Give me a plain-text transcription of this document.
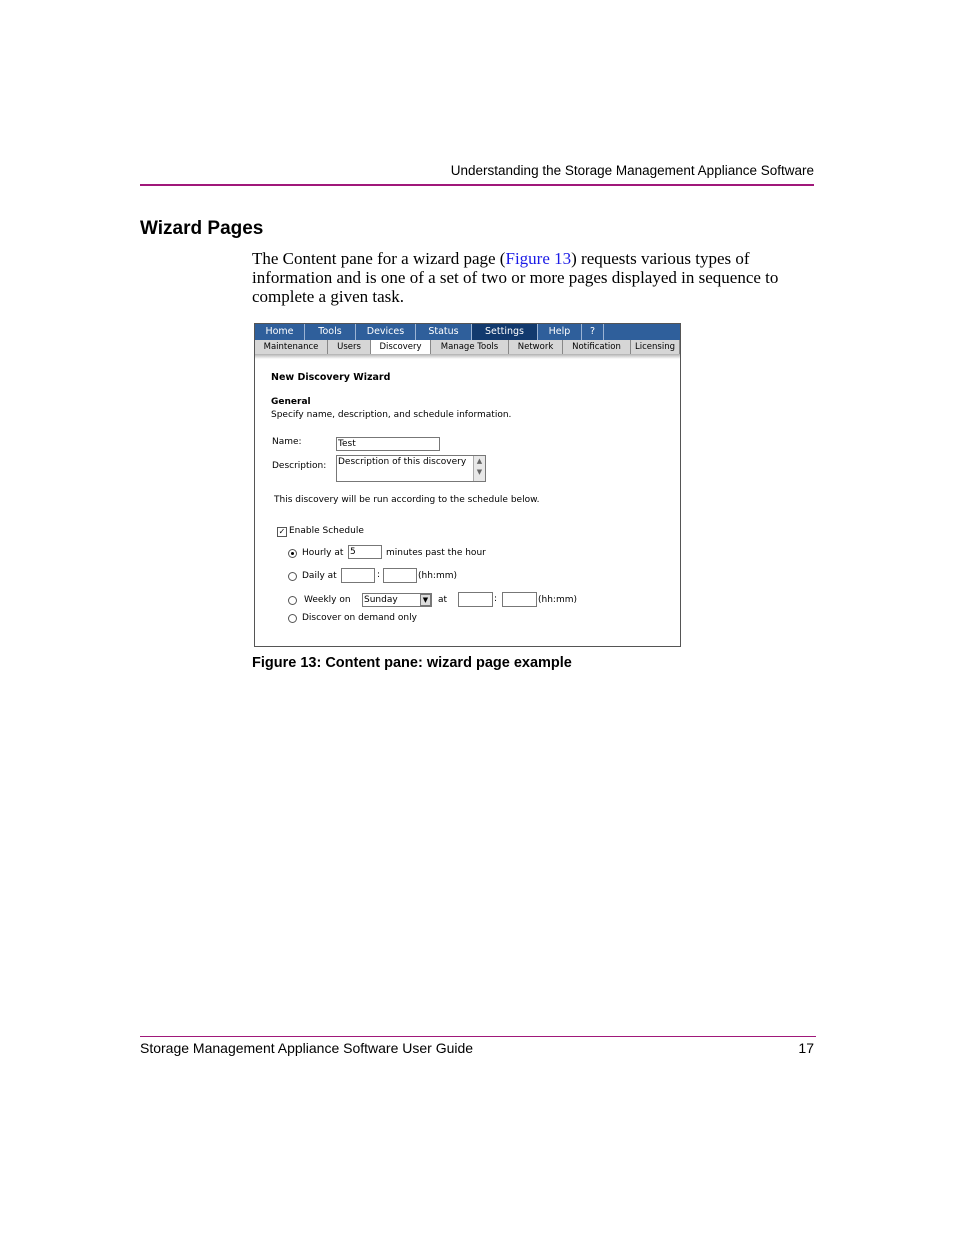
Understanding the Storage Management Appliance Software
Wizard Pages
The Content pane for a wizard page (Figure 13) requests various types of information and is one of a set of two or more pages displayed in sequence to complete a given task.
Home	Tools	Devices	Status	Settings	Help	?
Maintenance	Users	Discovery	Manage Tools	Network	Notification	Licensing
New Discovery Wizard
General
Specify name, description, and schedule information.
Name:	Test
Description: Description of this discovery	▲
▼
This discovery will be run according to the schedule below.
✓ Enable Schedule
Hourly at 5	minutes past the hour
Daily at	:	(hh:mm)
Weekly on Sunday	▼	at	:	(hh:mm)
Discover on demand only
Figure 13: Content pane: wizard page example
Storage Management Appliance Software User Guide	17
